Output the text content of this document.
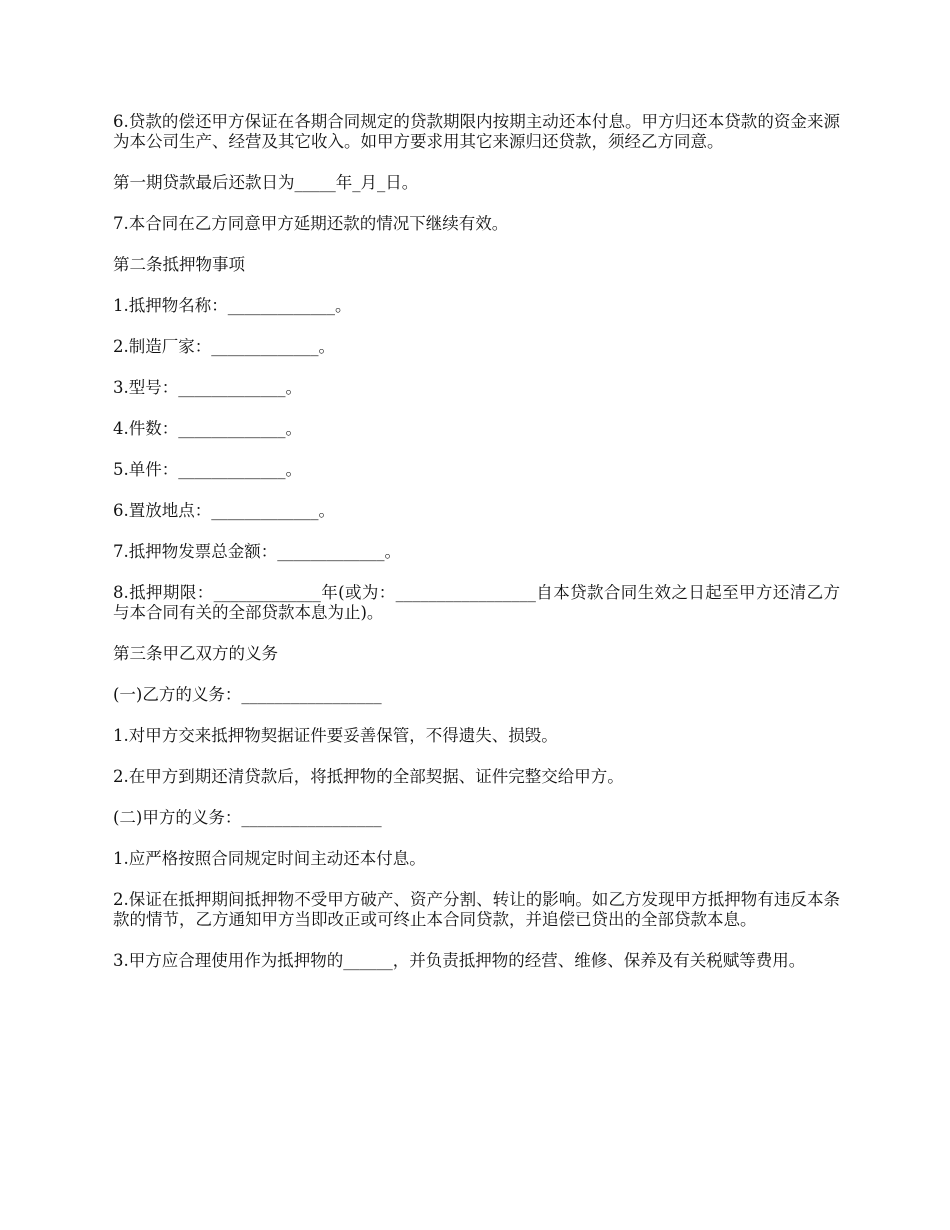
6.贷款的偿还甲方保证在各期合同规定的贷款期限内按期主动还本付息。甲方归还本贷款的资金来源为本公司生产、经营及其它收入。如甲方要求用其它来源归还贷款，须经乙方同意。

第一期贷款最后还款日为_____年_月_日。

7.本合同在乙方同意甲方延期还款的情况下继续有效。

第二条抵押物事项

1.抵押物名称：_____________。

2.制造厂家：_____________。

3.型号：_____________。

4.件数：_____________。

5.单件：_____________。

6.置放地点：_____________。

7.抵押物发票总金额：_____________。

8.抵押期限：_____________年(或为：_________________自本贷款合同生效之日起至甲方还清乙方与本合同有关的全部贷款本息为止)。

第三条甲乙双方的义务

(一)乙方的义务：_________________

1.对甲方交来抵押物契据证件要妥善保管，不得遗失、损毁。

2.在甲方到期还清贷款后，将抵押物的全部契据、证件完整交给甲方。

(二)甲方的义务：_________________

1.应严格按照合同规定时间主动还本付息。

2.保证在抵押期间抵押物不受甲方破产、资产分割、转让的影响。如乙方发现甲方抵押物有违反本条款的情节，乙方通知甲方当即改正或可终止本合同贷款，并追偿已贷出的全部贷款本息。

3.甲方应合理使用作为抵押物的______，并负责抵押物的经营、维修、保养及有关税赋等费用。
